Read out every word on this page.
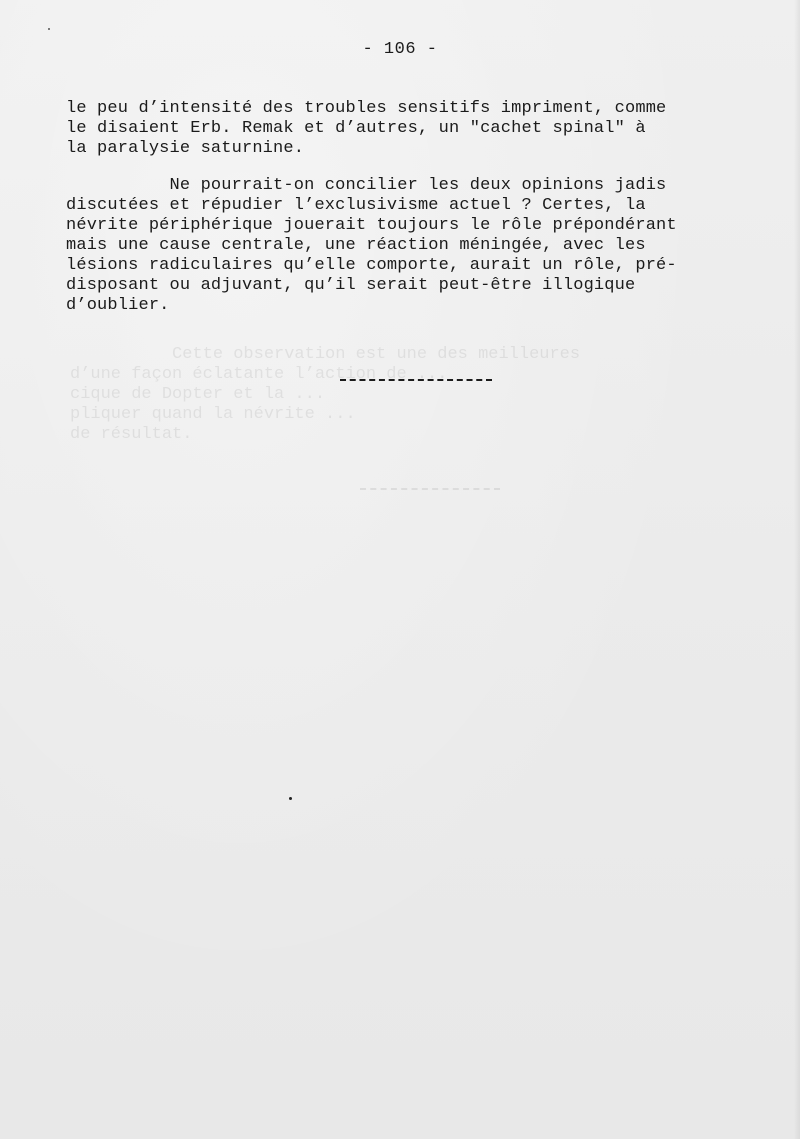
Cette observation est une des meilleures
d’une façon éclatante l’action de ...
cique de Dopter et la ...
pliquer quand la névrite ...
de résultat.
- 106 -
le peu d’intensité des troubles sensitifs impriment, comme
le disaient Erb. Remak et d’autres, un "cachet spinal" à
la paralysie saturnine.
Ne pourrait-on concilier les deux opinions jadis
discutées et répudier l’exclusivisme actuel ? Certes, la
névrite périphérique jouerait toujours le rôle prépondérant
mais une cause centrale, une réaction méningée, avec les
lésions radiculaires qu’elle comporte, aurait un rôle, pré-
disposant ou adjuvant, qu’il serait peut-être illogique
d’oublier.
